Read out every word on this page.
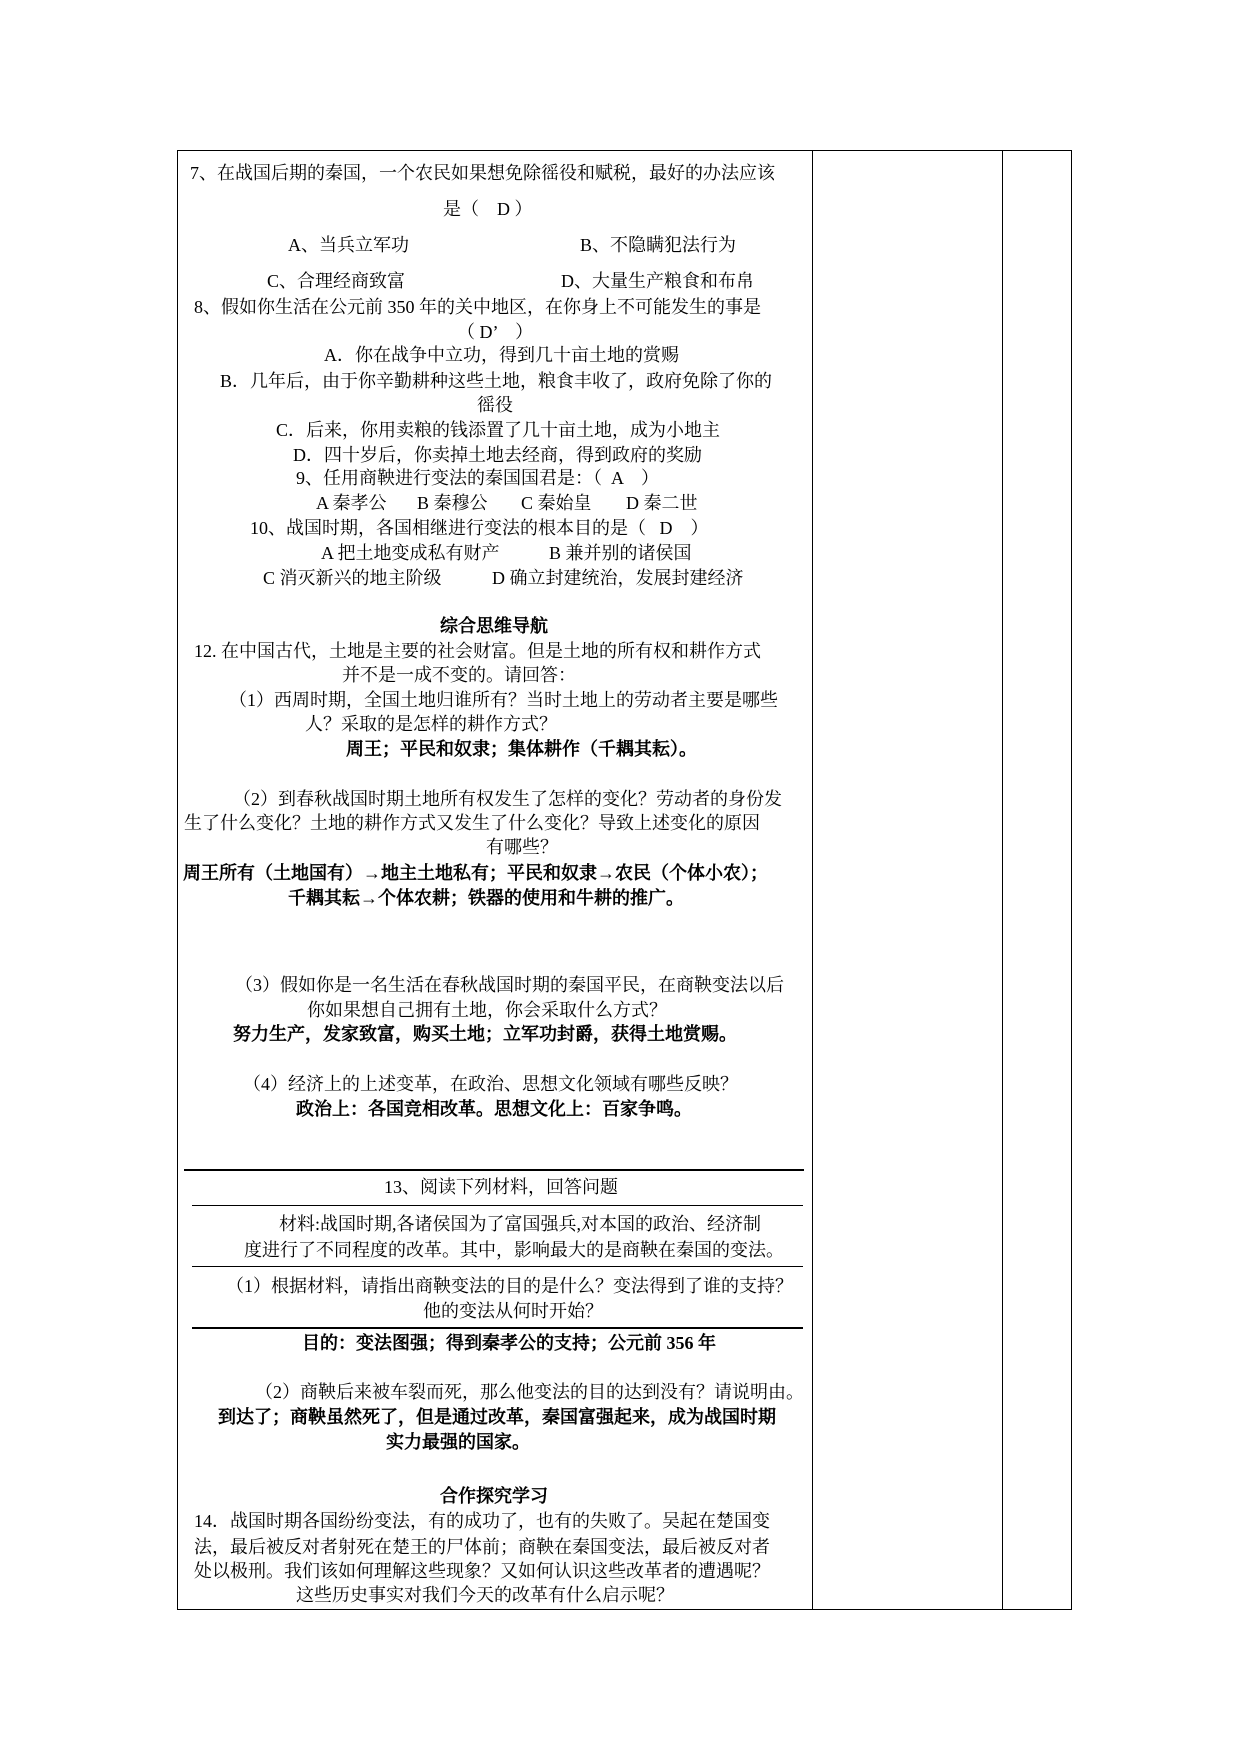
7、在战国后期的秦国，一个农民如果想免除徭役和赋税，最好的办法应该
是（    D ）
A、当兵立军功	B、不隐瞒犯法行为
C、合理经商致富	D、大量生产粮食和布帛
8、假如你生活在公元前 350 年的关中地区，在你身上不可能发生的事是
（ D’    ）
A．你在战争中立功，得到几十亩土地的赏赐
B．几年后，由于你辛勤耕种这些土地，粮食丰收了，政府免除了你的
徭役
C．后来，你用卖粮的钱添置了几十亩土地，成为小地主
D．四十岁后，你卖掉土地去经商，得到政府的奖励
9、任用商鞅进行变法的秦国国君是：（  A    ）
A 秦孝公 B 秦穆公 C 秦始皇 D 秦二世
10、战国时期，各国相继进行变法的根本目的是（   D    ）
A 把土地变成私有财产	B 兼并别的诸侯国
C 消灭新兴的地主阶级	D 确立封建统治，发展封建经济
综合思维导航
12. 在中国古代，土地是主要的社会财富。但是土地的所有权和耕作方式
并不是一成不变的。请回答：
（1）西周时期，全国土地归谁所有？当时土地上的劳动者主要是哪些
人？采取的是怎样的耕作方式？
周王；平民和奴隶；集体耕作（千耦其耘）。
（2）到春秋战国时期土地所有权发生了怎样的变化？劳动者的身份发
生了什么变化？土地的耕作方式又发生了什么变化？导致上述变化的原因
有哪些？
周王所有（土地国有）→地主土地私有；平民和奴隶→农民（个体小农）；
千耦其耘→个体农耕；铁器的使用和牛耕的推广。
（3）假如你是一名生活在春秋战国时期的秦国平民，在商鞅变法以后
你如果想自己拥有土地，你会采取什么方式？
努力生产，发家致富，购买土地；立军功封爵，获得土地赏赐。
（4）经济上的上述变革，在政治、思想文化领域有哪些反映？
政治上：各国竞相改革。思想文化上：百家争鸣。
13、阅读下列材料，回答问题
材料:战国时期,各诸侯国为了富国强兵,对本国的政治、经济制
度进行了不同程度的改革。其中，影响最大的是商鞅在秦国的变法。
（1）根据材料，请指出商鞅变法的目的是什么？变法得到了谁的支持？
他的变法从何时开始？
目的：变法图强；得到秦孝公的支持；公元前 356 年
（2）商鞅后来被车裂而死，那么他变法的目的达到没有？请说明由。
到达了；商鞅虽然死了，但是通过改革，秦国富强起来，成为战国时期
实力最强的国家。
合作探究学习
14．战国时期各国纷纷变法，有的成功了，也有的失败了。吴起在楚国变
法，最后被反对者射死在楚王的尸体前；商鞅在秦国变法，最后被反对者
处以极刑。我们该如何理解这些现象？又如何认识这些改革者的遭遇呢？
这些历史事实对我们今天的改革有什么启示呢？
